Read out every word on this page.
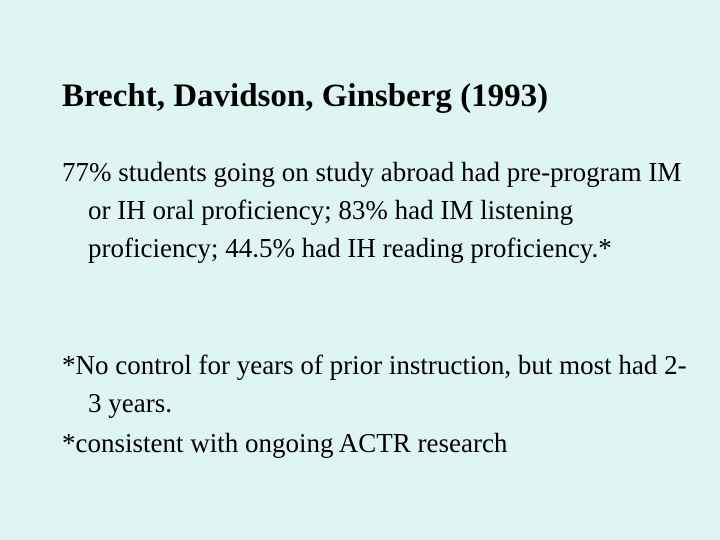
Brecht, Davidson, Ginsberg (1993)

77% students going on study abroad had pre-program IM or IH oral proficiency; 83% had IM listening proficiency; 44.5% had IH reading proficiency.*

*No control for years of prior instruction, but most had 2-3 years.

*consistent with ongoing ACTR research
